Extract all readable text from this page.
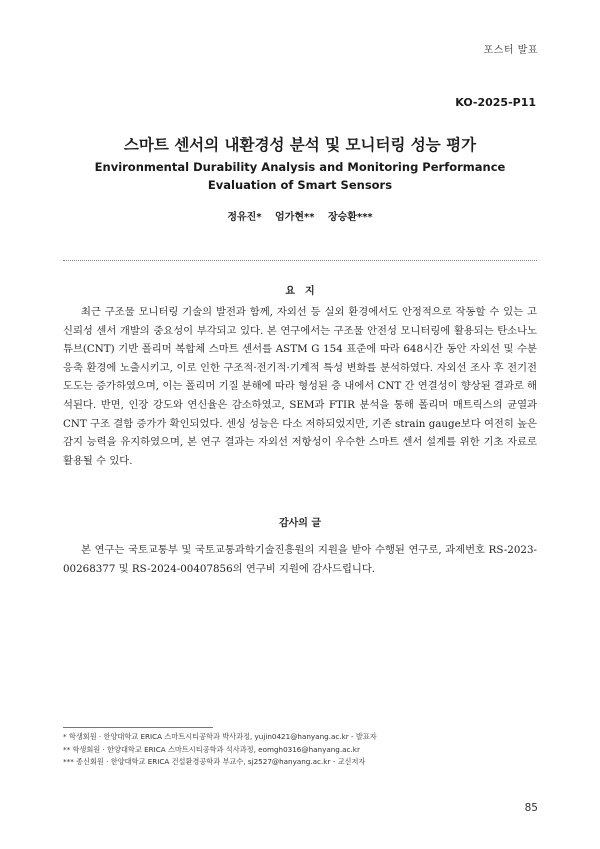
포스터 발표
KO-2025-P11
스마트 센서의 내환경성 분석 및 모니터링 성능 평가
Environmental Durability Analysis and Monitoring Performance Evaluation of Smart Sensors
정유진* 엄가현** 장승환***
요지
최근 구조물 모니터링 기술의 발전과 함께, 자외선 등 실외 환경에서도 안정적으로 작동할 수 있는 고신뢰성 센서 개발의 중요성이 부각되고 있다. 본 연구에서는 구조물 안전성 모니터링에 활용되는 탄소나노튜브(CNT) 기반 폴리머 복합체 스마트 센서를 ASTM G 154 표준에 따라 648시간 동안 자외선 및 수분 응축 환경에 노출시키고, 이로 인한 구조적·전기적·기계적 특성 변화를 분석하였다. 자외선 조사 후 전기전도도는 증가하였으며, 이는 폴리머 기질 분해에 따라 형성된 층 내에서 CNT 간 연결성이 향상된 결과로 해석된다. 반면, 인장 강도와 연신율은 감소하였고, SEM과 FTIR 분석을 통해 폴리머 매트릭스의 균열과 CNT 구조 결함 증가가 확인되었다. 센싱 성능은 다소 저하되었지만, 기존 strain gauge보다 여전히 높은 감지 능력을 유지하였으며, 본 연구 결과는 자외선 저항성이 우수한 스마트 센서 설계를 위한 기초 자료로 활용될 수 있다.
감사의 글
본 연구는 국토교통부 및 국토교통과학기술진흥원의 지원을 받아 수행된 연구로, 과제번호 RS-2023-00268377 및 RS-2024-00407856의 연구비 지원에 감사드립니다.
* 학생회원 · 한양대학교 ERICA 스마트시티공학과 박사과정, yujin0421@hanyang.ac.kr - 발표자
** 학생회원 · 한양대학교 ERICA 스마트시티공학과 석사과정, eomgh0316@hanyang.ac.kr
*** 종신회원 · 한양대학교 ERICA 건설환경공학과 부교수, sj2527@hanyang.ac.kr - 교신저자
85
